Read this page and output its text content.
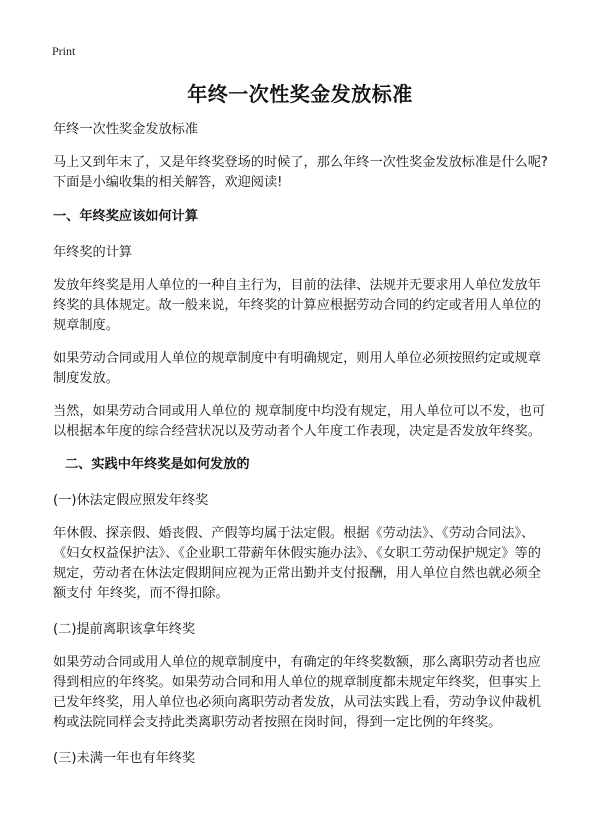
Print
年终一次性奖金发放标准

年终一次性奖金发放标准

马上又到年末了，又是年终奖登场的时候了，那么年终一次性奖金发放标准是什么呢?下面是小编收集的相关解答，欢迎阅读!

一、年终奖应该如何计算

年终奖的计算

发放年终奖是用人单位的一种自主行为，目前的法律、法规并无要求用人单位发放年终奖的具体规定。故一般来说，年终奖的计算应根据劳动合同的约定或者用人单位的规章制度。

如果劳动合同或用人单位的规章制度中有明确规定，则用人单位必须按照约定或规章制度发放。

当然，如果劳动合同或用人单位的 规章制度中均没有规定，用人单位可以不发，也可以根据本年度的综合经营状况以及劳动者个人年度工作表现，决定是否发放年终奖。

二、实践中年终奖是如何发放的

(一)休法定假应照发年终奖

年休假、探亲假、婚丧假、产假等均属于法定假。根据《劳动法》、《劳动合同法》、《妇女权益保护法》、《企业职工带薪年休假实施办法》、《女职工劳动保护规定》等的规定，劳动者在休法定假期间应视为正常出勤并支付报酬，用人单位自然也就必须全额支付 年终奖，而不得扣除。

(二)提前离职该拿年终奖

如果劳动合同或用人单位的规章制度中，有确定的年终奖数额，那么离职劳动者也应得到相应的年终奖。如果劳动合同和用人单位的规章制度都未规定年终奖，但事实上已发年终奖，用人单位也必须向离职劳动者发放，从司法实践上看，劳动争议仲裁机构或法院同样会支持此类离职劳动者按照在岗时间，得到一定比例的年终奖。

(三)未满一年也有年终奖
